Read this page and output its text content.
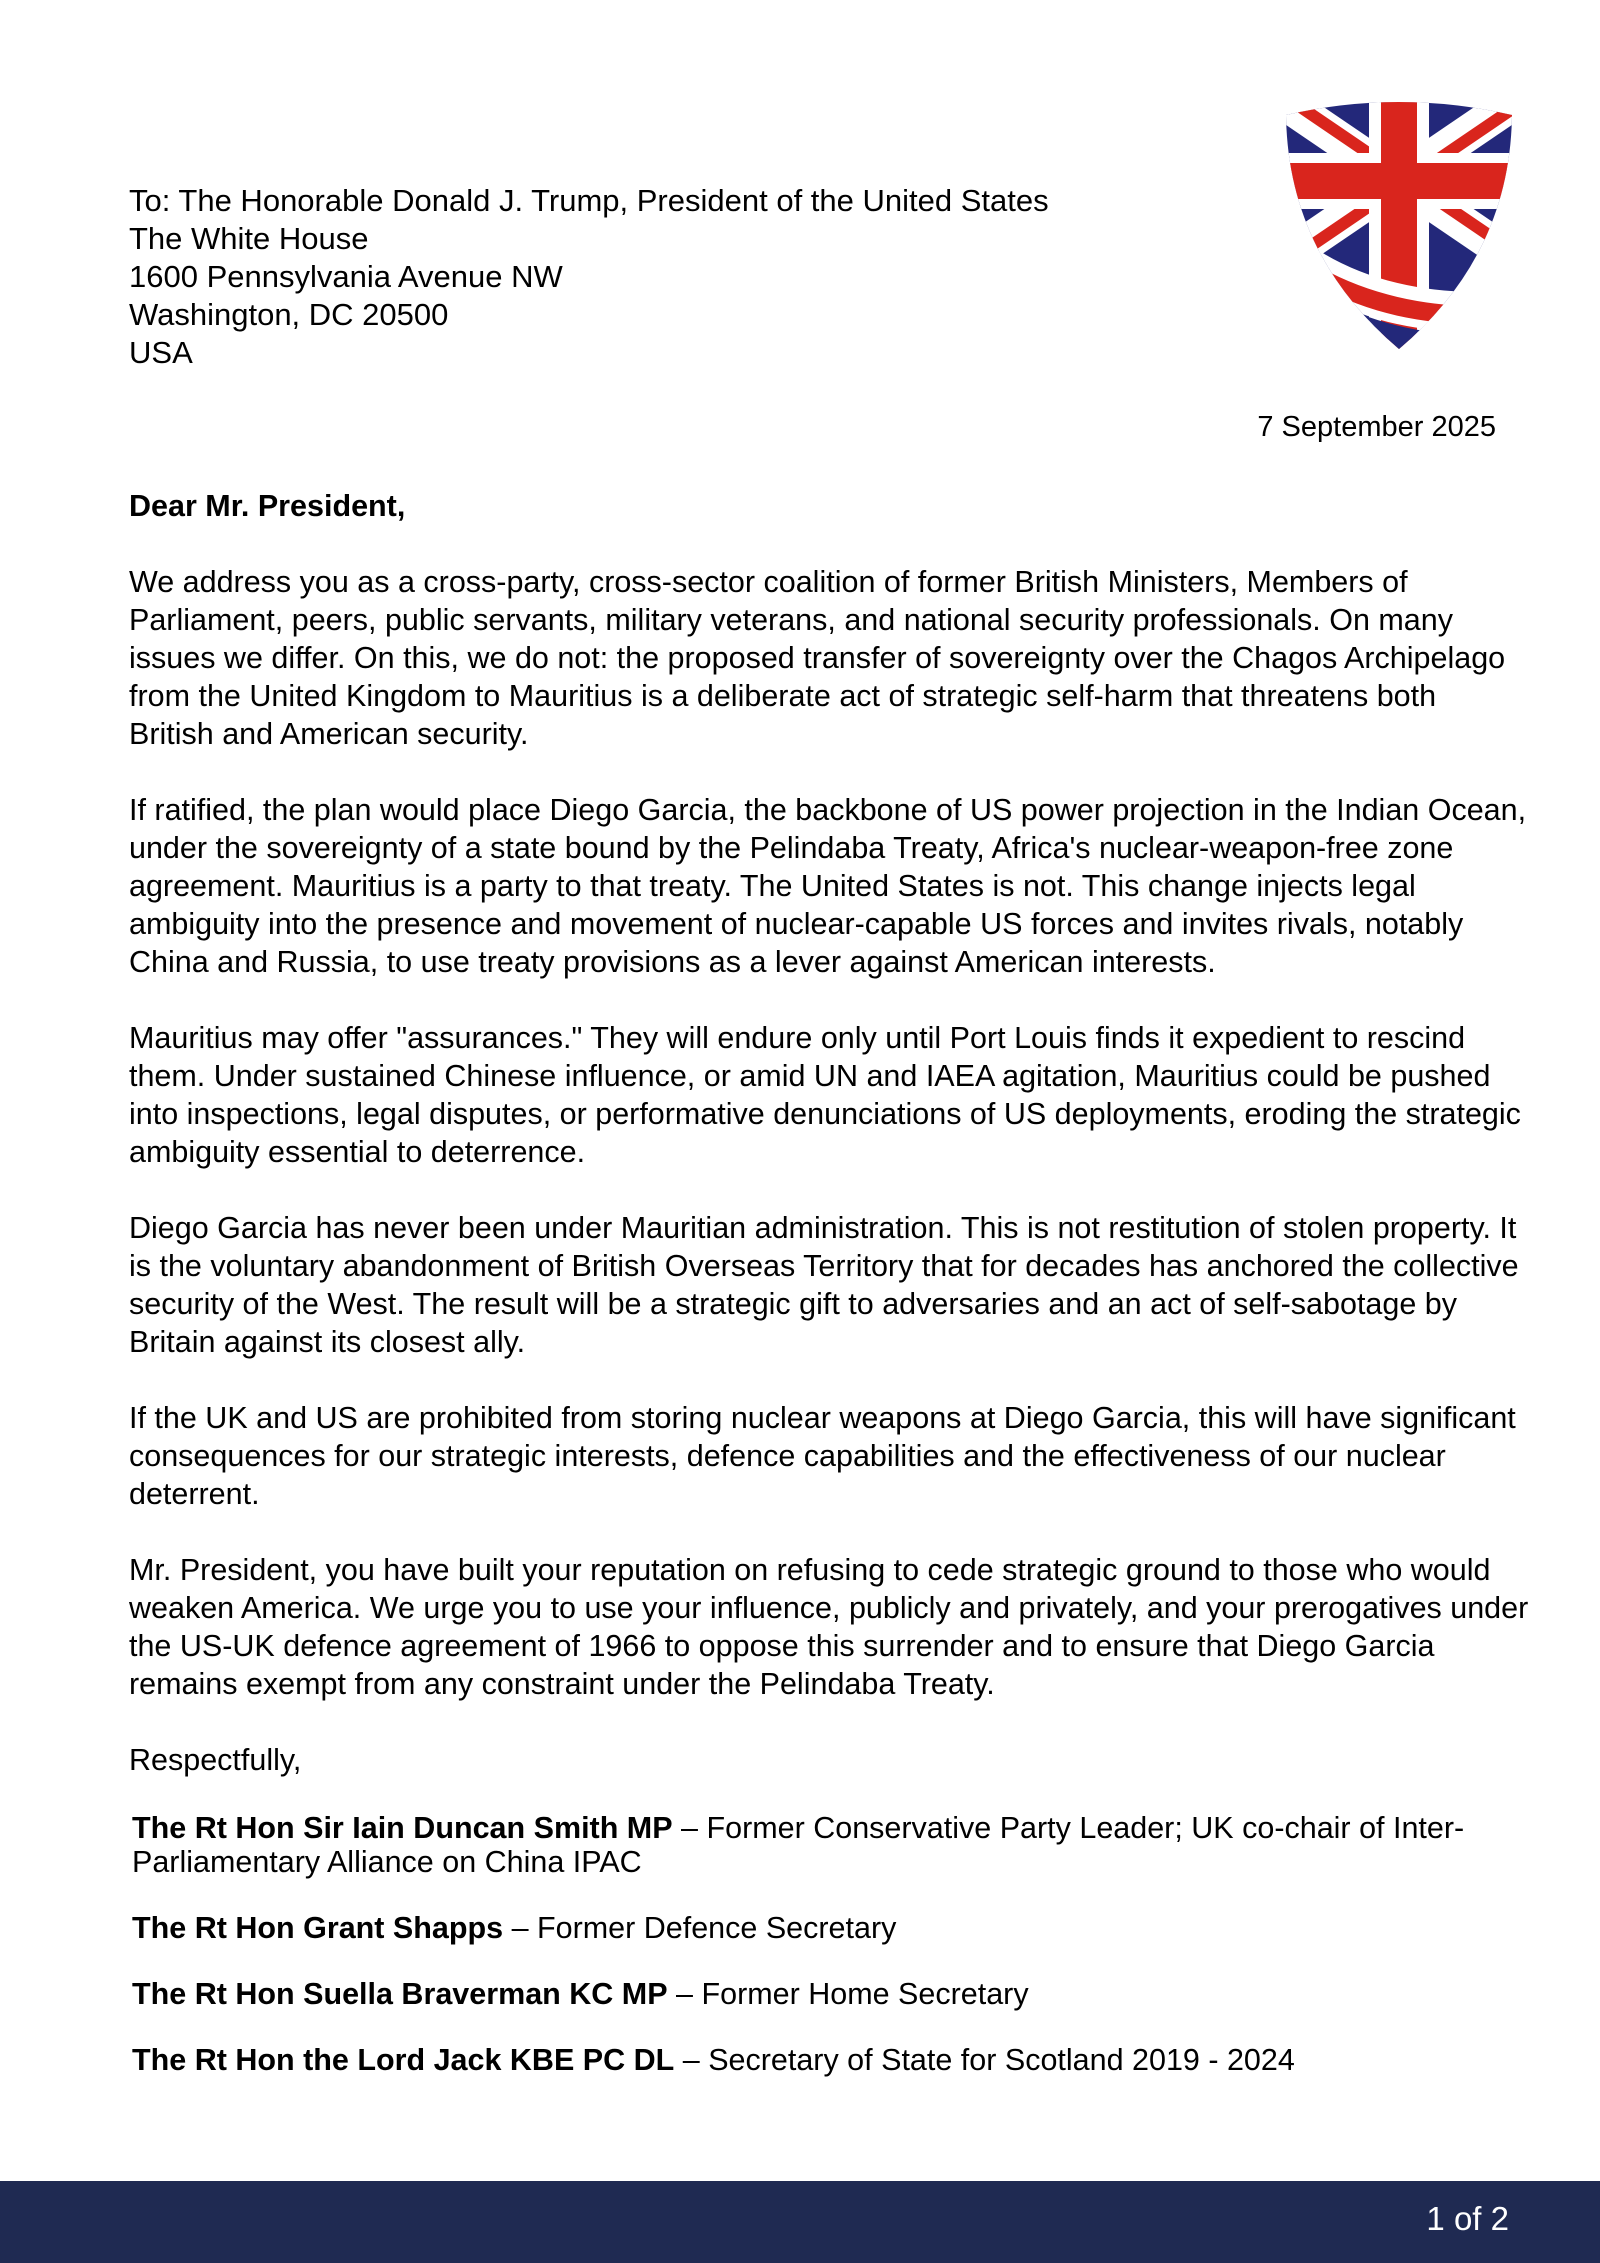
To: The Honorable Donald J. Trump, President of the United States
The White House
1600 Pennsylvania Avenue NW
Washington, DC 20500
USA
7 September 2025

Dear Mr. President,

We address you as a cross-party, cross-sector coalition of former British Ministers, Members of Parliament, peers, public servants, military veterans, and national security professionals. On many issues we differ. On this, we do not: the proposed transfer of sovereignty over the Chagos Archipelago from the United Kingdom to Mauritius is a deliberate act of strategic self-harm that threatens both British and American security.

If ratified, the plan would place Diego Garcia, the backbone of US power projection in the Indian Ocean, under the sovereignty of a state bound by the Pelindaba Treaty, Africa's nuclear-weapon-free zone agreement. Mauritius is a party to that treaty. The United States is not. This change injects legal ambiguity into the presence and movement of nuclear-capable US forces and invites rivals, notably China and Russia, to use treaty provisions as a lever against American interests.

Mauritius may offer "assurances." They will endure only until Port Louis finds it expedient to rescind them. Under sustained Chinese influence, or amid UN and IAEA agitation, Mauritius could be pushed into inspections, legal disputes, or performative denunciations of US deployments, eroding the strategic ambiguity essential to deterrence.

Diego Garcia has never been under Mauritian administration. This is not restitution of stolen property. It is the voluntary abandonment of British Overseas Territory that for decades has anchored the collective security of the West. The result will be a strategic gift to adversaries and an act of self-sabotage by Britain against its closest ally.

If the UK and US are prohibited from storing nuclear weapons at Diego Garcia, this will have significant consequences for our strategic interests, defence capabilities and the effectiveness of our nuclear deterrent.

Mr. President, you have built your reputation on refusing to cede strategic ground to those who would weaken America. We urge you to use your influence, publicly and privately, and your prerogatives under the US-UK defence agreement of 1966 to oppose this surrender and to ensure that Diego Garcia remains exempt from any constraint under the Pelindaba Treaty.

Respectfully,

The Rt Hon Sir Iain Duncan Smith MP – Former Conservative Party Leader; UK co-chair of Inter-Parliamentary Alliance on China IPAC
The Rt Hon Grant Shapps – Former Defence Secretary
The Rt Hon Suella Braverman KC MP – Former Home Secretary
The Rt Hon the Lord Jack KBE PC DL – Secretary of State for Scotland 2019 - 2024
1 of 2
